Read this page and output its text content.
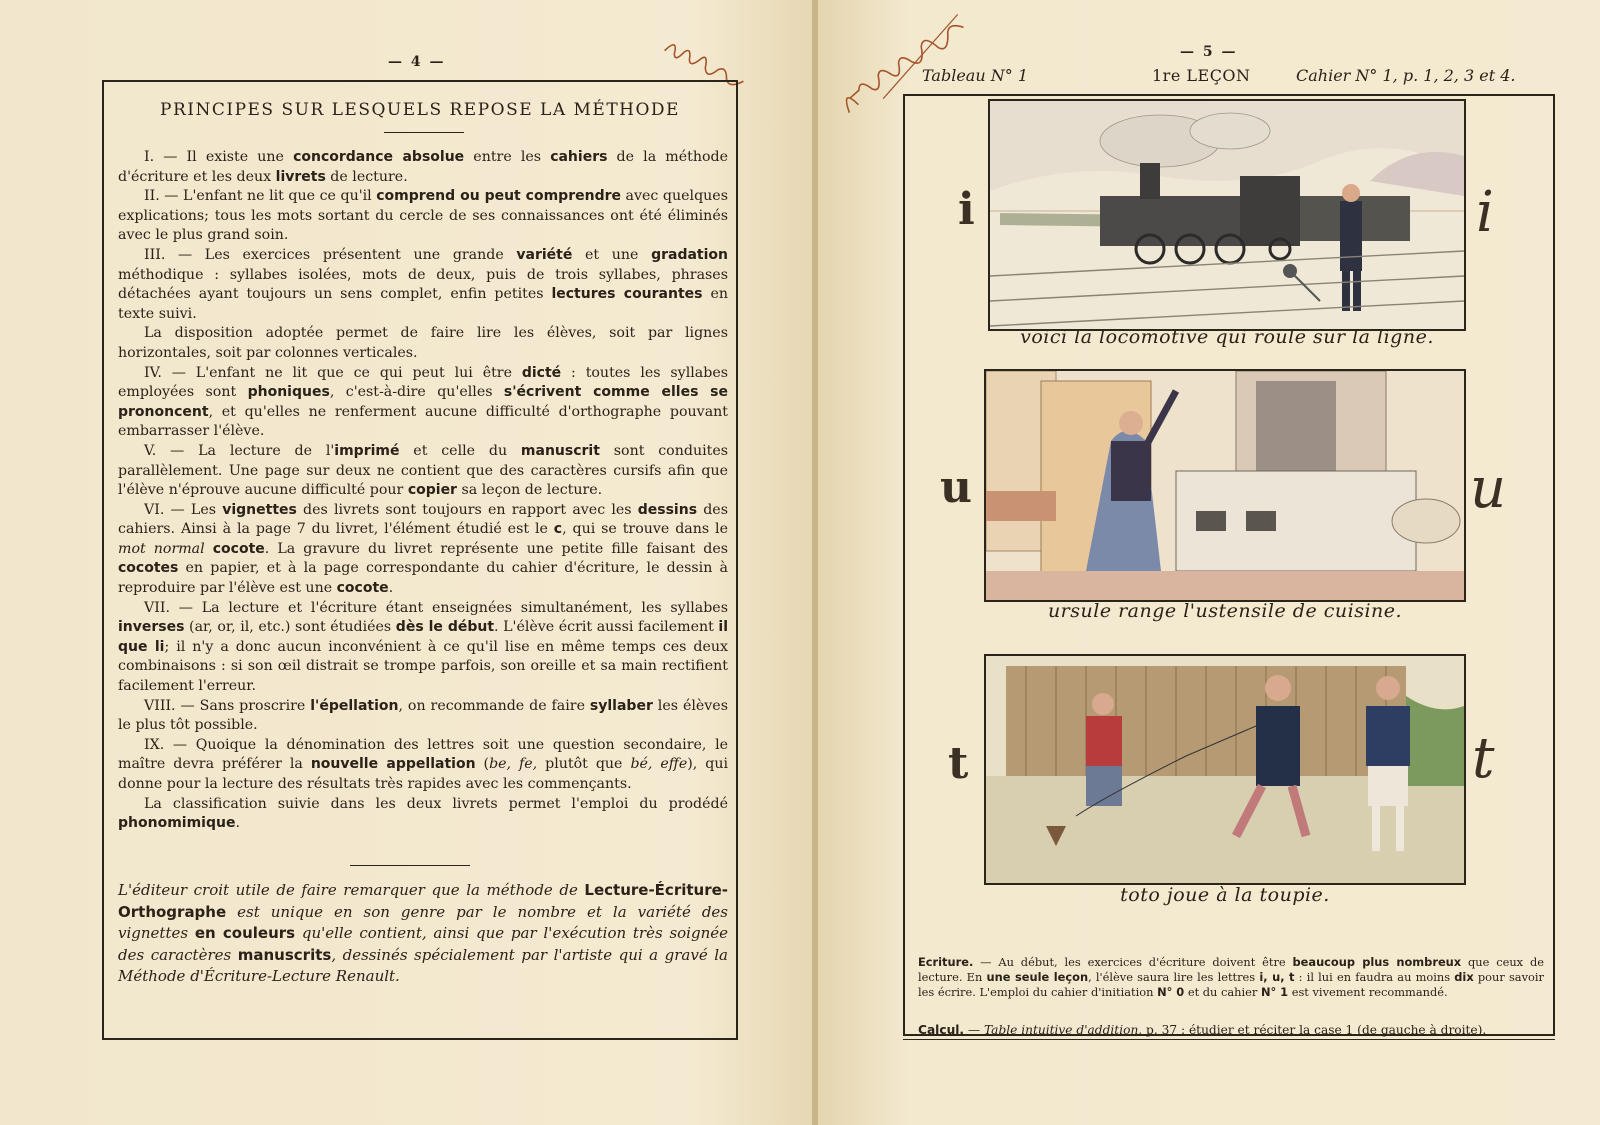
— 4 —
PRINCIPES SUR LESQUELS REPOSE LA MÉTHODE

I. — Il existe une concordance absolue entre les cahiers de la méthode d'écriture et les deux livrets de lecture.

II. — L'enfant ne lit que ce qu'il comprend ou peut comprendre avec quelques explications; tous les mots sortant du cercle de ses connaissances ont été éliminés avec le plus grand soin.

III. — Les exercices présentent une grande variété et une gradation méthodique : syllabes isolées, mots de deux, puis de trois syllabes, phrases détachées ayant toujours un sens complet, enfin petites lectures courantes en texte suivi.

La disposition adoptée permet de faire lire les élèves, soit par lignes horizontales, soit par colonnes verticales.

IV. — L'enfant ne lit que ce qui peut lui être dicté : toutes les syllabes employées sont phoniques, c'est-à-dire qu'elles s'écrivent comme elles se prononcent, et qu'elles ne renferment aucune difficulté d'orthographe pouvant embarrasser l'élève.

V. — La lecture de l'imprimé et celle du manuscrit sont conduites parallèlement. Une page sur deux ne contient que des caractères cursifs afin que l'élève n'éprouve aucune difficulté pour copier sa leçon de lecture.

VI. — Les vignettes des livrets sont toujours en rapport avec les dessins des cahiers. Ainsi à la page 7 du livret, l'élément étudié est le c, qui se trouve dans le mot normal cocote. La gravure du livret représente une petite fille faisant des cocotes en papier, et à la page correspondante du cahier d'écriture, le dessin à reproduire par l'élève est une cocote.

VII. — La lecture et l'écriture étant enseignées simultanément, les syllabes inverses (ar, or, il, etc.) sont étudiées dès le début. L'élève écrit aussi facilement il que li; il n'y a donc aucun inconvénient à ce qu'il lise en même temps ces deux combinaisons : si son œil distrait se trompe parfois, son oreille et sa main rectifient facilement l'erreur.

VIII. — Sans proscrire l'épellation, on recommande de faire syllaber les élèves le plus tôt possible.

IX. — Quoique la dénomination des lettres soit une question secondaire, le maître devra préférer la nouvelle appellation (be, fe, plutôt que bé, effe), qui donne pour la lecture des résultats très rapides avec les commençants.

La classification suivie dans les deux livrets permet l'emploi du prodédé phonomimique.

L'éditeur croit utile de faire remarquer que la méthode de Lecture-Écriture-Orthographe est unique en son genre par le nombre et la variété des vignettes en couleurs qu'elle contient, ainsi que par l'exécution très soignée des caractères manuscrits, dessinés spécialement par l'artiste qui a gravé la Méthode d'Écriture-Lecture Renault.
— 5 —
Tableau N° 1	1re LEÇON	Cahier N° 1, p. 1, 2, 3 et 4.
i	i
voici la locomotive qui roule sur la ligne.
u	u
ursule range l'ustensile de cuisine.
t	t
toto joue à la toupie.
Ecriture. — Au début, les exercices d'écriture doivent être beaucoup plus nombreux que ceux de lecture. En une seule leçon, l'élève saura lire les lettres i, u, t : il lui en faudra au moins dix pour savoir les écrire. L'emploi du cahier d'initiation N° 0 et du cahier N° 1 est vivement recommandé.
Calcul. — Table intuitive d'addition, p. 37 : étudier et réciter la case 1 (de gauche à droite).
